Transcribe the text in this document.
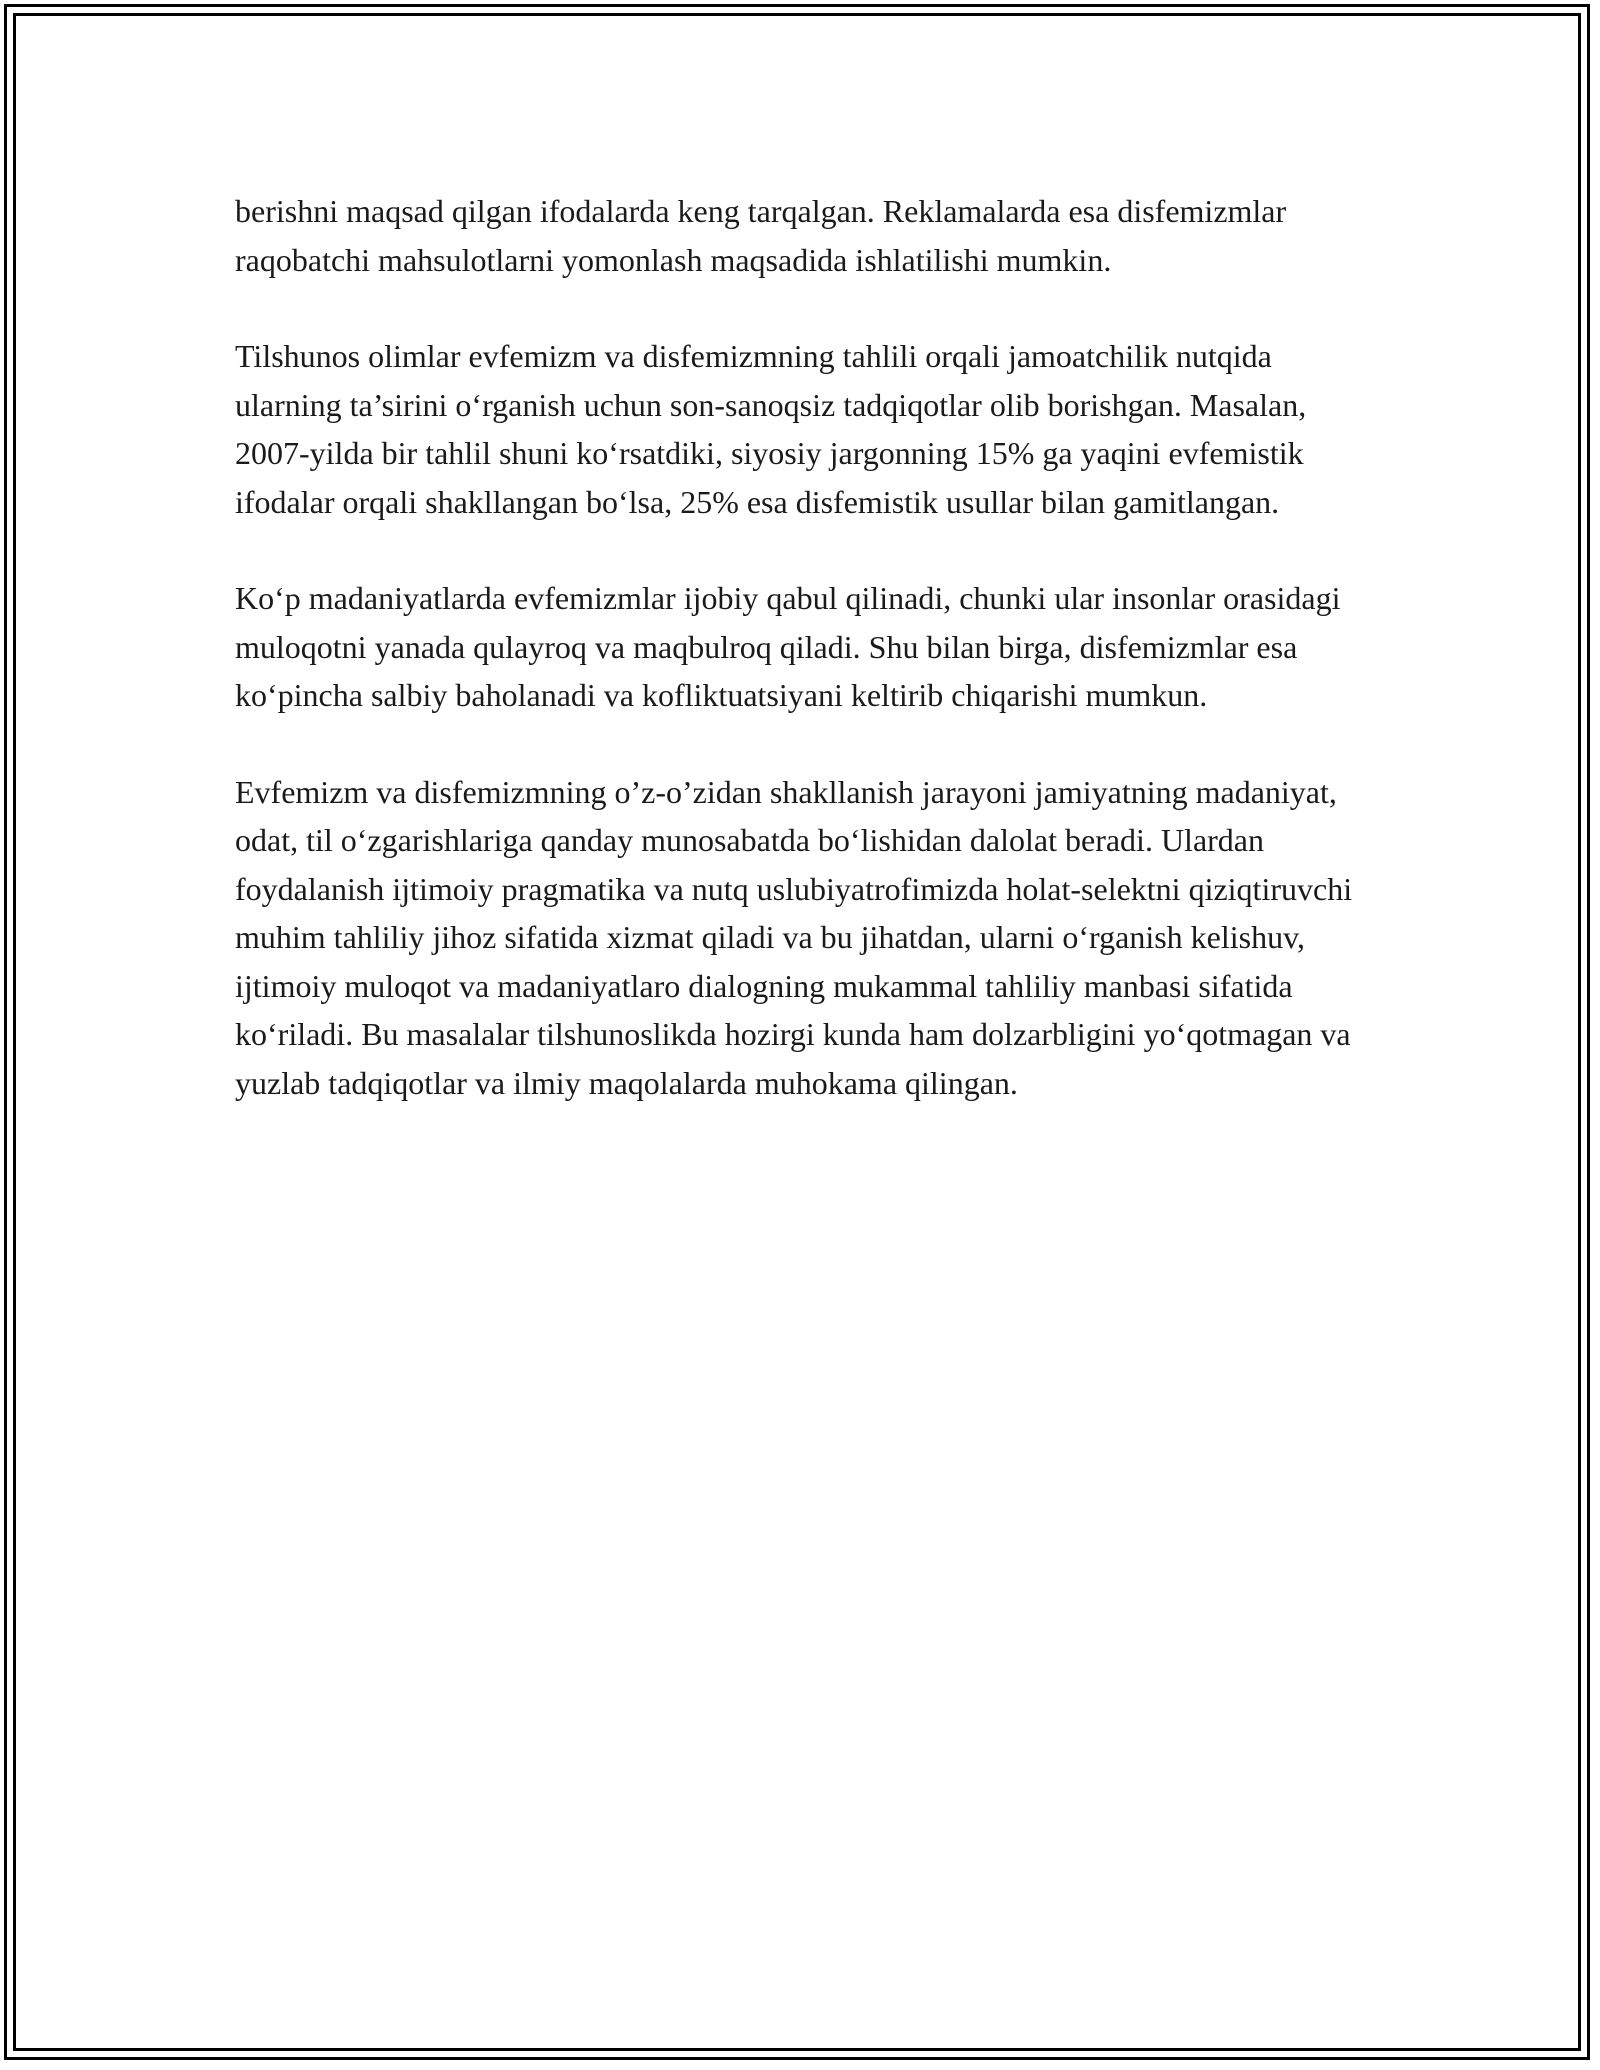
berishni maqsad qilgan ifodalarda keng tarqalgan. Reklamalarda esa disfemizmlar raqobatchi mahsulotlarni yomonlash maqsadida ishlatilishi mumkin.

Tilshunos olimlar evfemizm va disfemizmning tahlili orqali jamoatchilik nutqida ularning ta’sirini oʻrganish uchun son-sanoqsiz tadqiqotlar olib borishgan. Masalan, 2007-yilda bir tahlil shuni koʻrsatdiki, siyosiy jargonning 15% ga yaqini evfemistik ifodalar orqali shakllangan boʻlsa, 25% esa disfemistik usullar bilan gamitlangan.

Koʻp madaniyatlarda evfemizmlar ijobiy qabul qilinadi, chunki ular insonlar orasidagi muloqotni yanada qulayroq va maqbulroq qiladi. Shu bilan birga, disfemizmlar esa koʻpincha salbiy baholanadi va kofliktuatsiyani keltirib chiqarishi mumkun.

Evfemizm va disfemizmning o’z-o’zidan shakllanish jarayoni jamiyatning madaniyat, odat, til oʻzgarishlariga qanday munosabatda boʻlishidan dalolat beradi. Ulardan foydalanish ijtimoiy pragmatika va nutq uslubiyatrofimizda holat-selektni qiziqtiruvchi muhim tahliliy jihoz sifatida xizmat qiladi va bu jihatdan, ularni oʻrganish kelishuv, ijtimoiy muloqot va madaniyatlaro dialogning mukammal tahliliy manbasi sifatida koʻriladi. Bu masalalar tilshunoslikda hozirgi kunda ham dolzarbligini yoʻqotmagan va yuzlab tadqiqotlar va ilmiy maqolalarda muhokama qilingan.
